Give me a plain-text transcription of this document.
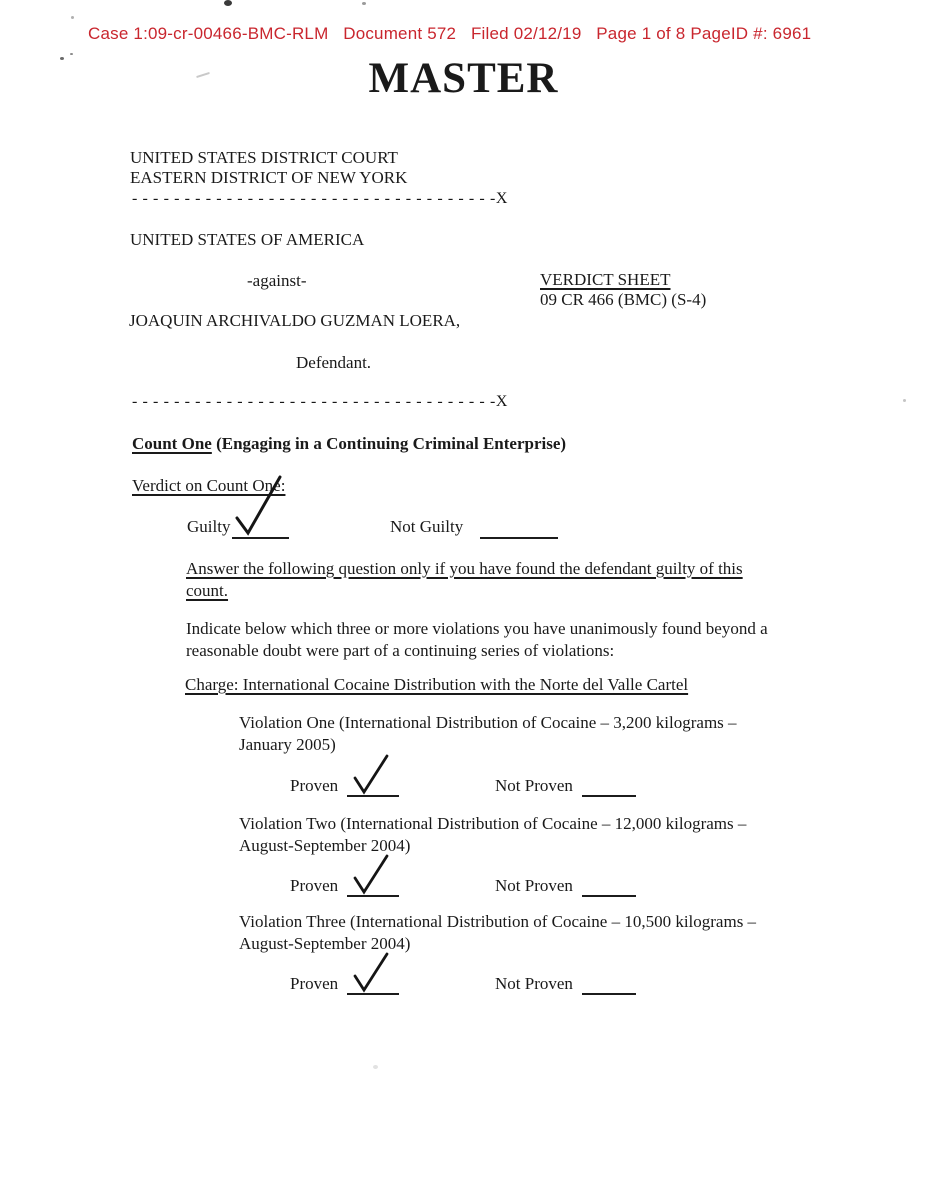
Case 1:09-cr-00466-BMC-RLM   Document 572   Filed 02/12/19   Page 1 of 8 PageID #: 6961
MASTER
UNITED STATES DISTRICT COURT
EASTERN DISTRICT OF NEW YORK
- - - - - - - - - - - - - - - - - - - - - - - - - - - - - - - - - - -X
UNITED STATES OF AMERICA
-against-	VERDICT SHEET
09 CR 466 (BMC) (S-4)
JOAQUIN ARCHIVALDO GUZMAN LOERA,
Defendant.
- - - - - - - - - - - - - - - - - - - - - - - - - - - - - - - - - - -X
Count One (Engaging in a Continuing Criminal Enterprise)
Verdict on Count One:
Guilty	Not Guilty
Answer the following question only if you have found the defendant guilty of this
count.
Indicate below which three or more violations you have unanimously found beyond a
reasonable doubt were part of a continuing series of violations:
Charge: International Cocaine Distribution with the Norte del Valle Cartel
Violation One (International Distribution of Cocaine – 3,200 kilograms –
January 2005)
Proven	Not Proven
Violation Two (International Distribution of Cocaine – 12,000 kilograms –
August-September 2004)
Proven	Not Proven
Violation Three (International Distribution of Cocaine – 10,500 kilograms –
August-September 2004)
Proven	Not Proven
